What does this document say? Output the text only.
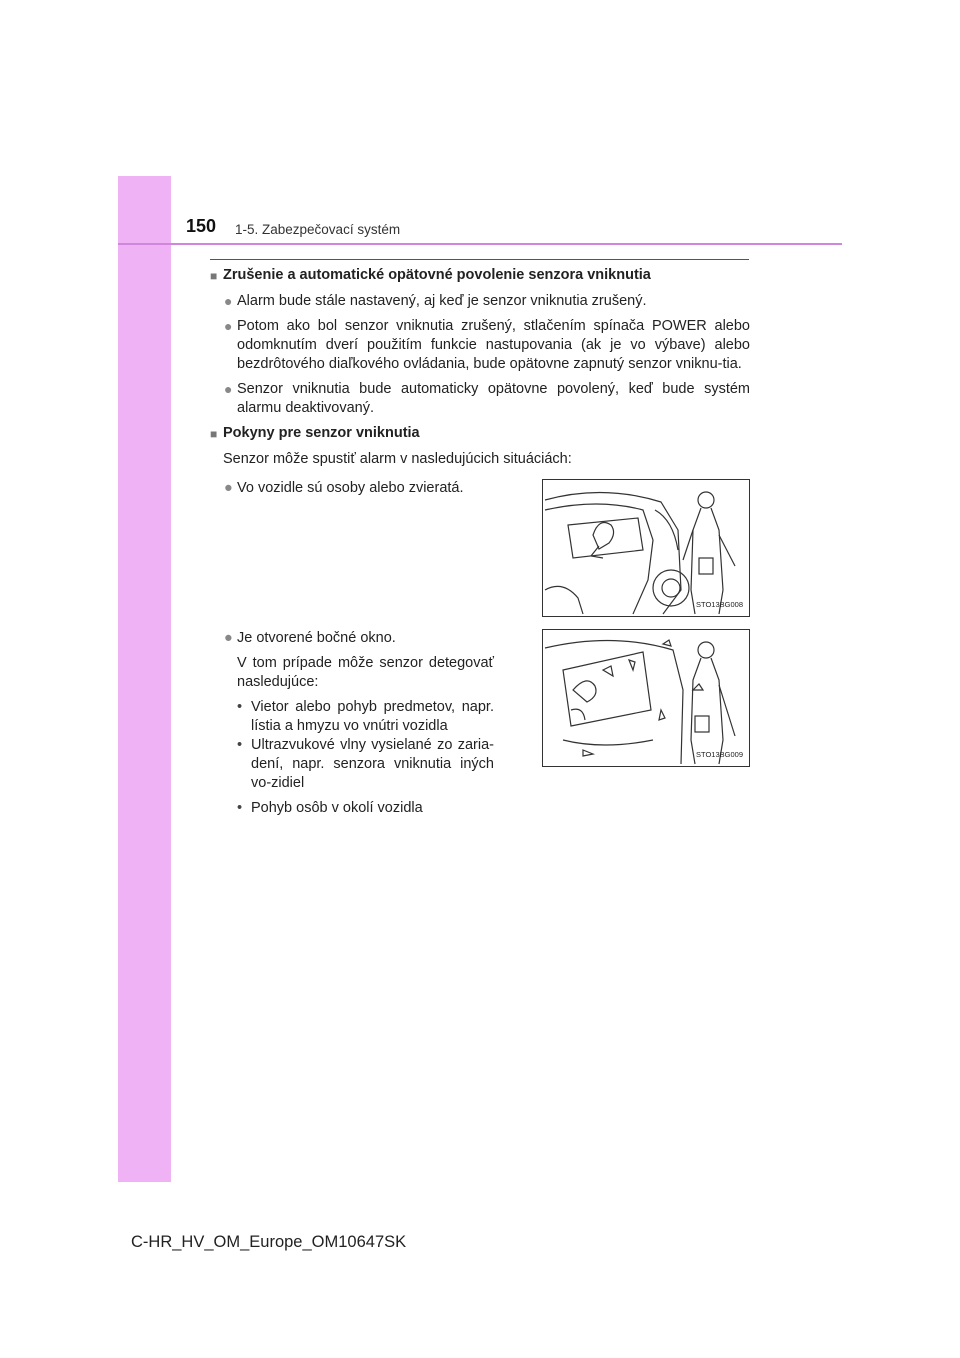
150 1-5. Zabezpečovací systém
■ Zrušenie a automatické opätovné povolenie senzora vniknutia
● Alarm bude stále nastavený, aj keď je senzor vniknutia zrušený.
● Potom ako bol senzor vniknutia zrušený, stlačením spínača POWER alebo odomknutím dverí použitím funkcie nastupovania (ak je vo výbave) alebo bezdrôtového diaľkového ovládania, bude opätovne zapnutý senzor vniknu-tia.
● Senzor vniknutia bude automaticky opätovne povolený, keď bude systém alarmu deaktivovaný.
■ Pokyny pre senzor vniknutia
Senzor môže spustiť alarm v nasledujúcich situáciách:
● Vo vozidle sú osoby alebo zvieratá.
STO13BG008
● Je otvorené bočné okno.
V tom prípade môže senzor detegovať nasledujúce:
• Vietor alebo pohyb predmetov, napr. lístia a hmyzu vo vnútri vozidla
• Ultrazvukové vlny vysielané zo zaria-dení, napr. senzora vniknutia iných vo-zidiel
• Pohyb osôb v okolí vozidla
STO13BG009
C-HR_HV_OM_Europe_OM10647SK
